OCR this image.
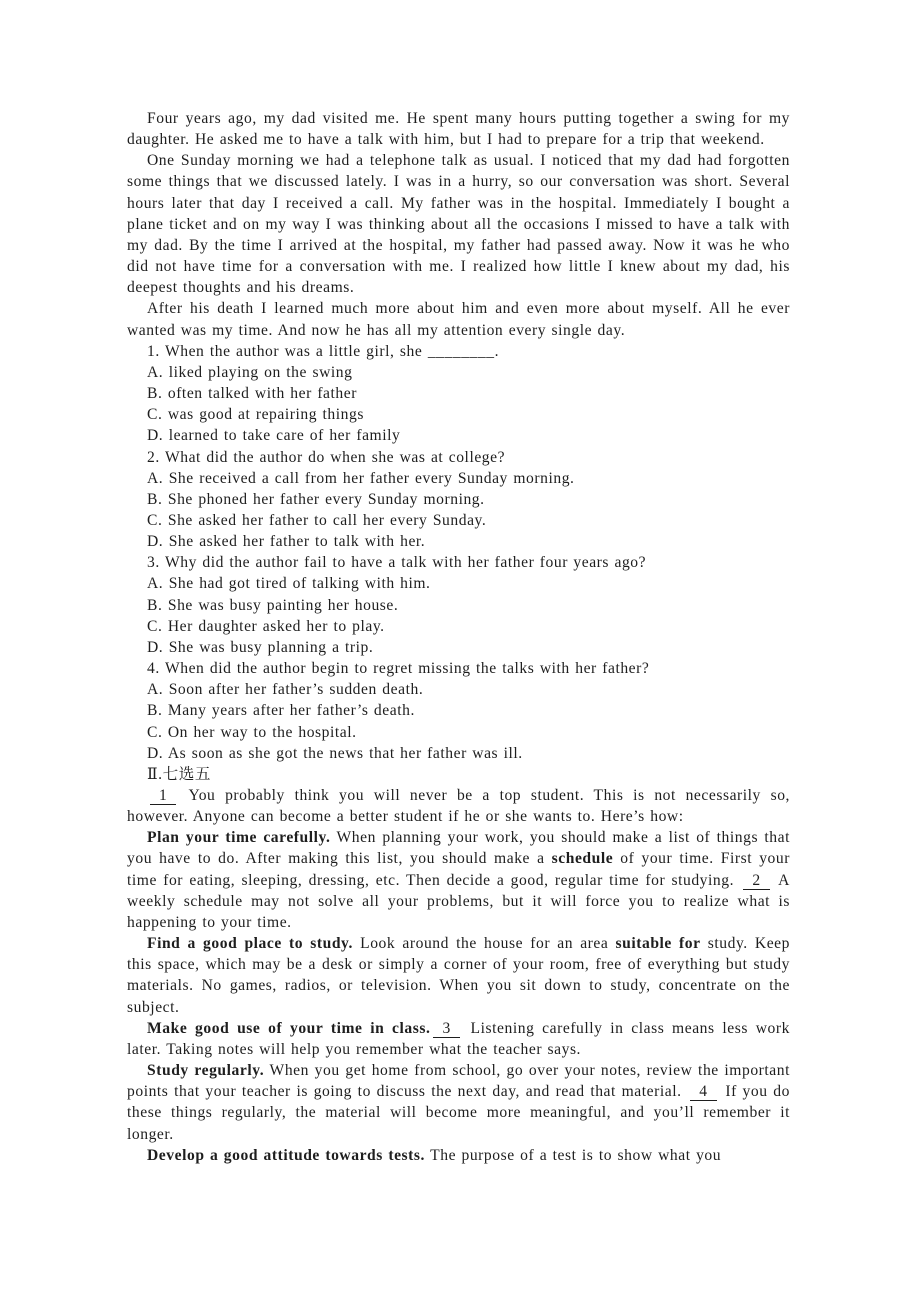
Four years ago, my dad visited me. He spent many hours putting together a swing for my daughter. He asked me to have a talk with him, but I had to prepare for a trip that weekend.
One Sunday morning we had a telephone talk as usual. I noticed that my dad had forgotten some things that we discussed lately. I was in a hurry, so our conversation was short. Several hours later that day I received a call. My father was in the hospital. Immediately I bought a plane ticket and on my way I was thinking about all the occasions I missed to have a talk with my dad. By the time I arrived at the hospital, my father had passed away. Now it was he who did not have time for a conversation with me. I realized how little I knew about my dad, his deepest thoughts and his dreams.
After his death I learned much more about him and even more about myself. All he ever wanted was my time. And now he has all my attention every single day.
1. When the author was a little girl, she ________.
A. liked playing on the swing
B. often talked with her father
C. was good at repairing things
D. learned to take care of her family
2. What did the author do when she was at college?
A. She received a call from her father every Sunday morning.
B. She phoned her father every Sunday morning.
C. She asked her father to call her every Sunday.
D. She asked her father to talk with her.
3. Why did the author fail to have a talk with her father four years ago?
A. She had got tired of talking with him.
B. She was busy painting her house.
C. Her daughter asked her to play.
D. She was busy planning a trip.
4. When did the author begin to regret missing the talks with her father?
A. Soon after her father’s sudden death.
B. Many years after her father’s death.
C. On her way to the hospital.
D. As soon as she got the news that her father was ill.
Ⅱ.七选五
1 You probably think you will never be a top student. This is not necessarily so, however. Anyone can become a better student if he or she wants to. Here’s how:
Plan your time carefully. When planning your work, you should make a list of things that you have to do. After making this list, you should make a schedule of your time. First your time for eating, sleeping, dressing, etc. Then decide a good, regular time for studying. 2 A weekly schedule may not solve all your problems, but it will force you to realize what is happening to your time.
Find a good place to study. Look around the house for an area suitable for study. Keep this space, which may be a desk or simply a corner of your room, free of everything but study materials. No games, radios, or television. When you sit down to study, concentrate on the subject.
Make good use of your time in class. 3 Listening carefully in class means less work later. Taking notes will help you remember what the teacher says.
Study regularly. When you get home from school, go over your notes, review the important points that your teacher is going to discuss the next day, and read that material. 4 If you do these things regularly, the material will become more meaningful, and you’ll remember it longer.
Develop a good attitude towards tests. The purpose of a test is to show what you
